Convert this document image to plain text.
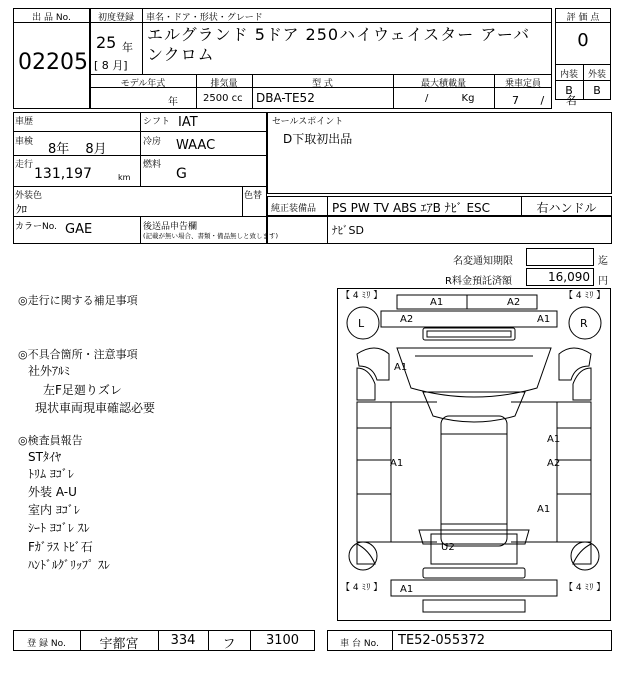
出 品 No.
02205
初度登録
25 年
[ 8 月]
車名・ドア・形状・グレード
エルグランド 5ドア 250ハイウェイスター アーバンクロム
モデル年式	排気量	型 式	最大積載量	乗車定員
年	2500 cc DBA-TE52	/ Kg	7 / 名
評 価 点
0
内装	外装
B	B
車歴	シフト IAT
車検 8年 8月	冷房 WAAC
走行
131,197	km
燃料
G
外装色
ｸﾛ
色替
カラーNo. GAE	後送品申告欄
(記載が無い場合、書類・備品無しと致します)
セールスポイント
D下取初出品
純正装備品 PS PW TV ABS ｴｱB ﾅﾋﾞ ESC	右ハンドル
ﾅﾋﾞSD
名変通知期限	迄
R料金預託済額	16,090 円
◎走行に関する補足事項
◎不具合箇所・注意事項
社外ｱﾙﾐ
左F足廻りズレ
現状車両現車確認必要
◎検査員報告
STﾀｲﾔ
ﾄﾘﾑ ﾖｺﾞﾚ
外装 A-U
室内 ﾖｺﾞﾚ
ｼｰﾄ ﾖｺﾞﾚ ｽﾚ
Fｶﾞﾗｽ ﾄﾋﾞ石
ﾊﾝﾄﾞﾙｸﾞﾘｯﾌﾟ ｽﾚ
【 4 ﾐﾘ 】	【 4 ﾐﾘ 】
【 4 ﾐﾘ 】	【 4 ﾐﾘ 】
L	R
A1	A2
A2	A1
A1
A1
A1	A2
A1
U2
A1
登 録 No.	宇都宮	334	フ	3100	車 台 No.	TE52-055372
